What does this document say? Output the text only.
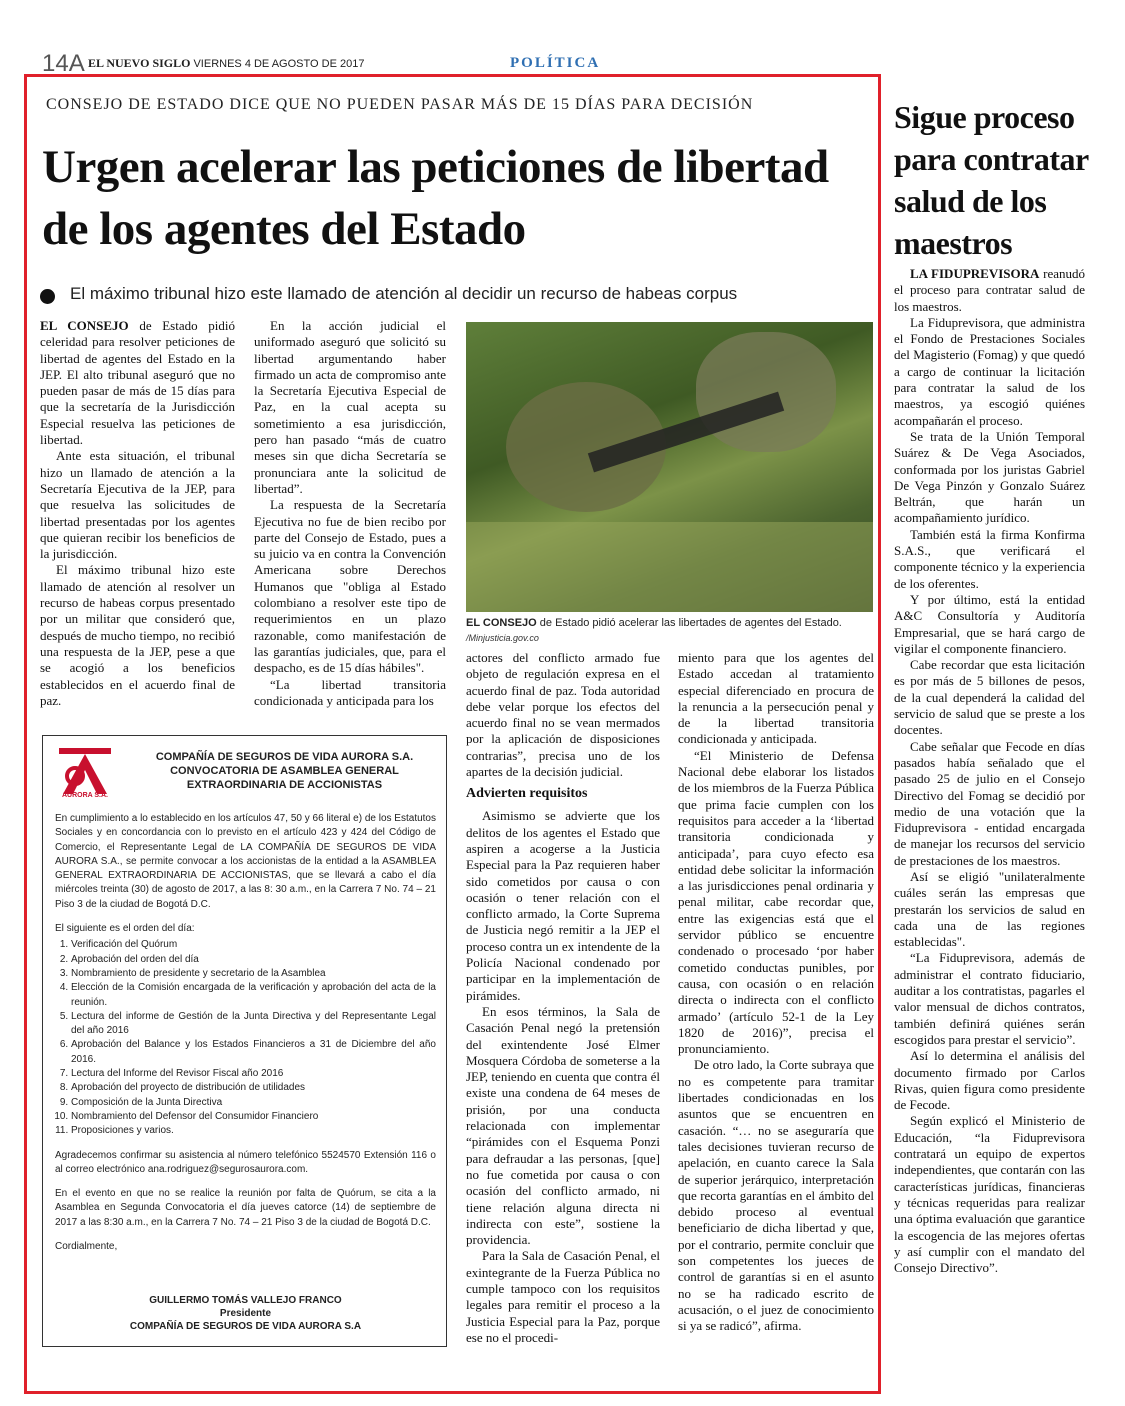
14A EL NUEVO SIGLO VIERNES 4 DE AGOSTO DE 2017	POLÍTICA
CONSEJO DE ESTADO DICE QUE NO PUEDEN PASAR MÁS DE 15 DÍAS PARA DECISIÓN
Urgen acelerar las peticiones de libertad de los agentes del Estado
El máximo tribunal hizo este llamado de atención al decidir un recurso de habeas corpus

EL CONSEJO de Estado pidió celeridad para resolver peticiones de libertad de agentes del Estado en la JEP. El alto tribunal aseguró que no pueden pasar de más de 15 días para que la secretaría de la Jurisdicción Especial resuelva las peticiones de libertad.

Ante esta situación, el tribunal hizo un llamado de atención a la Secretaría Ejecutiva de la JEP, para que resuelva las solicitudes de libertad presentadas por los agentes que quieran recibir los beneficios de la jurisdicción.

El máximo tribunal hizo este llamado de atención al resolver un recurso de habeas corpus presentado por un militar que consideró que, después de mucho tiempo, no recibió una respuesta de la JEP, pese a que se acogió a los beneficios establecidos en el acuerdo final de paz.

En la acción judicial el uniformado aseguró que solicitó su libertad argumentando haber firmado un acta de compromiso ante la Secretaría Ejecutiva Especial de Paz, en la cual acepta su sometimiento a esa jurisdicción, pero han pasado “más de cuatro meses sin que dicha Secretaría se pronunciara ante la solicitud de libertad”.

La respuesta de la Secretaría Ejecutiva no fue de bien recibo por parte del Consejo de Estado, pues a su juicio va en contra la Convención Americana sobre Derechos Humanos que "obliga al Estado colombiano a resolver este tipo de requerimientos en un plazo razonable, como manifestación de las garantías judiciales, que, para el despacho, es de 15 días hábiles".

“La libertad transitoria condicionada y anticipada para los

EL CONSEJO de Estado pidió acelerar las libertades de agentes del Estado.
/Minjusticia.gov.co

actores del conflicto armado fue objeto de regulación expresa en el acuerdo final de paz. Toda autoridad debe velar porque los efectos del acuerdo final no se vean mermados por la aplicación de disposiciones contrarias”, precisa uno de los apartes de la decisión judicial.

Advierten requisitos

Asimismo se advierte que los delitos de los agentes el Estado que aspiren a acogerse a la Justicia Especial para la Paz requieren haber sido cometidos por causa o con ocasión o tener relación con el conflicto armado, la Corte Suprema de Justicia negó remitir a la JEP el proceso contra un ex intendente de la Policía Nacional condenado por participar en la implementación de pirámides.

En esos términos, la Sala de Casación Penal negó la pretensión del exintendente José Elmer Mosquera Córdoba de someterse a la JEP, teniendo en cuenta que contra él existe una condena de 64 meses de prisión, por una conducta relacionada con implementar “pirámides con el Esquema Ponzi para defraudar a las personas, [que] no fue cometida por causa o con ocasión del conflicto armado, ni tiene relación alguna directa ni indirecta con este”, sostiene la providencia.

Para la Sala de Casación Penal, el exintegrante de la Fuerza Pública no cumple tampoco con los requisitos legales para remitir el proceso a la Justicia Especial para la Paz, porque ese no el procedi-

miento para que los agentes del Estado accedan al tratamiento especial diferenciado en procura de la renuncia a la persecución penal y de la libertad transitoria condicionada y anticipada.

“El Ministerio de Defensa Nacional debe elaborar los listados de los miembros de la Fuerza Pública que prima facie cumplen con los requisitos para acceder a la ‘libertad transitoria condicionada y anticipada’, para cuyo efecto esa entidad debe solicitar la información a las jurisdicciones penal ordinaria y penal militar, cabe recordar que, entre las exigencias está que el servidor público se encuentre condenado o procesado ‘por haber cometido conductas punibles, por causa, con ocasión o en relación directa o indirecta con el conflicto armado’ (artículo 52-1 de la Ley 1820 de 2016)”, precisa el pronunciamiento.

De otro lado, la Corte subraya que no es competente para tramitar libertades condicionadas en los asuntos que se encuentren en casación. “… no se aseguraría que tales decisiones tuvieran recurso de apelación, en cuanto carece la Sala de superior jerárquico, interpretación que recorta garantías en el ámbito del debido proceso al eventual beneficiario de dicha libertad y que, por el contrario, permite concluir que son competentes los jueces de control de garantías si en el asunto no se ha radicado escrito de acusación, o el juez de conocimiento si ya se radicó”, afirma.

AURORA S.A.
COMPAÑÍA DE SEGUROS DE VIDA AURORA S.A.
CONVOCATORIA DE ASAMBLEA GENERAL
EXTRAORDINARIA DE ACCIONISTAS

En cumplimiento a lo establecido en los artículos 47, 50 y 66 literal e) de los Estatutos Sociales y en concordancia con lo previsto en el artículo 423 y 424 del Código de Comercio, el Representante Legal de LA COMPAÑÍA DE SEGUROS DE VIDA AURORA S.A., se permite convocar a los accionistas de la entidad a la ASAMBLEA GENERAL EXTRAORDINARIA DE ACCIONISTAS, que se llevará a cabo el día miércoles treinta (30) de agosto de 2017, a las 8: 30 a.m., en la Carrera 7 No. 74 – 21 Piso 3 de la ciudad de Bogotá D.C.

El siguiente es el orden del día:

1. Verificación del Quórum
2. Aprobación del orden del día
3. Nombramiento de presidente y secretario de la Asamblea
4. Elección de la Comisión encargada de la verificación y aprobación del acta de la reunión.
5. Lectura del informe de Gestión de la Junta Directiva y del Representante Legal del año 2016
6. Aprobación del Balance y los Estados Financieros a 31 de Diciembre del año 2016.
7. Lectura del Informe del Revisor Fiscal año 2016
8. Aprobación del proyecto de distribución de utilidades
9. Composición de la Junta Directiva
10. Nombramiento del Defensor del Consumidor Financiero
11. Proposiciones y varios.

Agradecemos confirmar su asistencia al número telefónico 5524570 Extensión 116 o al correo electrónico ana.rodriguez@segurosaurora.com.

En el evento en que no se realice la reunión por falta de Quórum, se cita a la Asamblea en Segunda Convocatoria el día jueves catorce (14) de septiembre de 2017 a las 8:30 a.m., en la Carrera 7 No. 74 – 21 Piso 3 de la ciudad de Bogotá D.C.

Cordialmente,

GUILLERMO TOMÁS VALLEJO FRANCO
Presidente
COMPAÑÍA DE SEGUROS DE VIDA AURORA S.A
Sigue proceso para contratar salud de los maestros

LA FIDUPREVISORA reanudó el proceso para contratar salud de los maestros.

La Fiduprevisora, que administra el Fondo de Prestaciones Sociales del Magisterio (Fomag) y que quedó a cargo de continuar la licitación para contratar la salud de los maestros, ya escogió quiénes acompañarán el proceso.

Se trata de la Unión Temporal Suárez & De Vega Asociados, conformada por los juristas Gabriel De Vega Pinzón y Gonzalo Suárez Beltrán, que harán un acompañamiento jurídico.

También está la firma Konfirma S.A.S., que verificará el componente técnico y la experiencia de los oferentes.

Y por último, está la entidad A&C Consultoría y Auditoría Empresarial, que se hará cargo de vigilar el componente financiero.

Cabe recordar que esta licitación es por más de 5 billones de pesos, de la cual dependerá la calidad del servicio de salud que se preste a los docentes.

Cabe señalar que Fecode en días pasados había señalado que el pasado 25 de julio en el Consejo Directivo del Fomag se decidió por medio de una votación que la Fiduprevisora - entidad encargada de manejar los recursos del servicio de prestaciones de los maestros.

Así se eligió "unilateralmente cuáles serán las empresas que prestarán los servicios de salud en cada una de las regiones establecidas".

“La Fiduprevisora, además de administrar el contrato fiduciario, auditar a los contratistas, pagarles el valor mensual de dichos contratos, también definirá quiénes serán escogidos para prestar el servicio”.

Así lo determina el análisis del documento firmado por Carlos Rivas, quien figura como presidente de Fecode.

Según explicó el Ministerio de Educación, “la Fiduprevisora contratará un equipo de expertos independientes, que contarán con las características jurídicas, financieras y técnicas requeridas para realizar una óptima evaluación que garantice la escogencia de las mejores ofertas y así cumplir con el mandato del Consejo Directivo”.
